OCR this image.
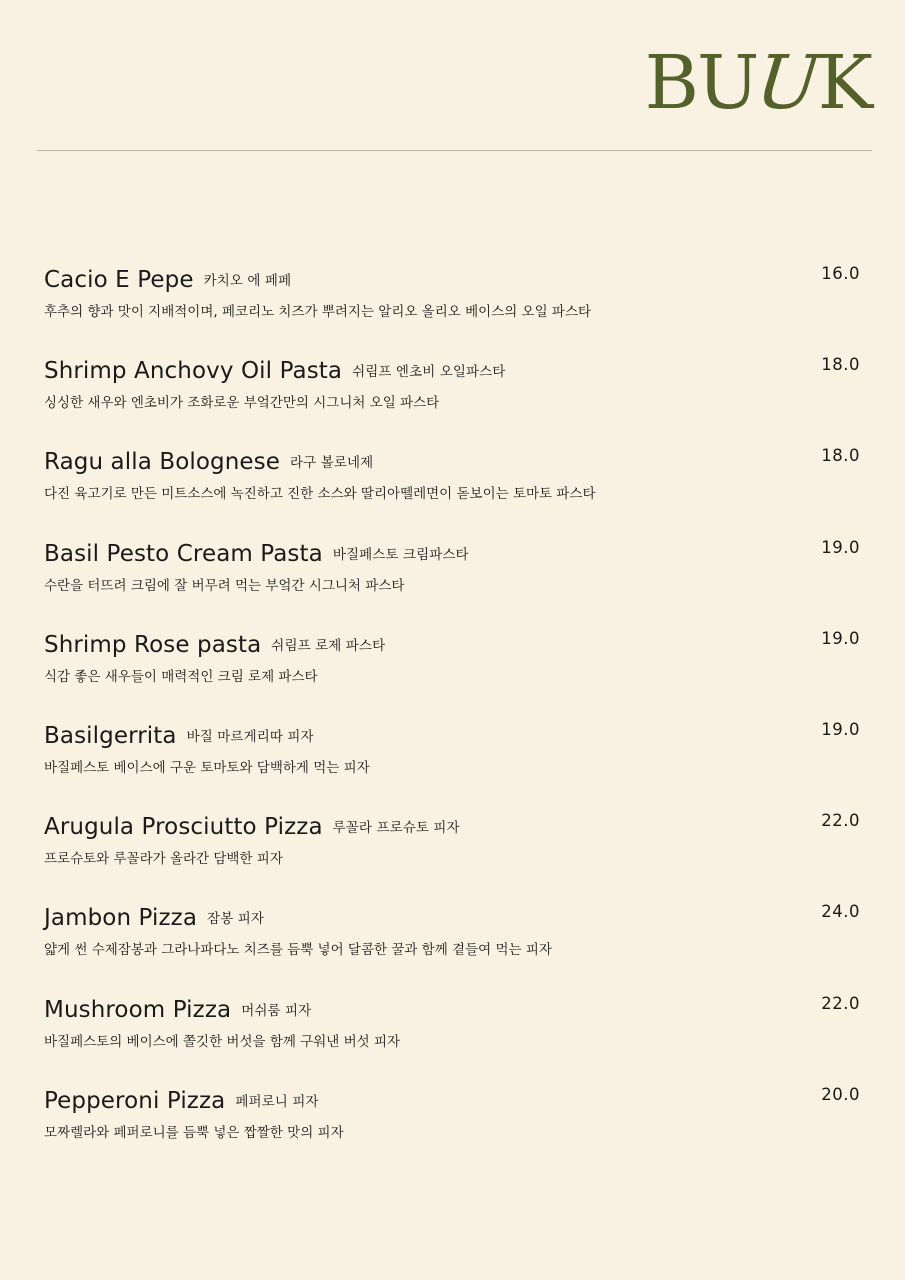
BUUK
Cacio E Pepe 카치오 에 페페

후추의 향과 맛이 지배적이며, 페코리노 치즈가 뿌려지는 알리오 올리오 베이스의 오일 파스타

16.0
Shrimp Anchovy Oil Pasta 쉬림프 엔초비 오일파스타

싱싱한 새우와 엔초비가 조화로운 부엌간만의 시그니처 오일 파스타

18.0
Ragu alla Bolognese 라구 볼로네제

다진 육고기로 만든 미트소스에 녹진하고 진한 소스와 딸리아뗄레면이 돋보이는 토마토 파스타

18.0
Basil Pesto Cream Pasta 바질페스토 크림파스타

수란을 터뜨려 크림에 잘 버무려 먹는 부엌간 시그니처 파스타

19.0
Shrimp Rose pasta 쉬림프 로제 파스타

식감 좋은 새우들이 매력적인 크림 로제 파스타

19.0
Basilgerrita 바질 마르게리따 피자

바질페스토 베이스에 구운 토마토와 담백하게 먹는 피자

19.0
Arugula Prosciutto Pizza 루꼴라 프로슈토 피자

프로슈토와 루꼴라가 올라간 담백한 피자

22.0
Jambon Pizza 잠봉 피자

얇게 썬 수제잠봉과 그라나파다노 치즈를 듬뿍 넣어 달콤한 꿀과 함께 곁들여 먹는 피자

24.0
Mushroom Pizza 머쉬룸 피자

바질페스토의 베이스에 쫄깃한 버섯을 함께 구워낸 버섯 피자

22.0
Pepperoni Pizza 페퍼로니 피자

모짜렐라와 페퍼로니를 듬뿍 넣은 짭짤한 맛의 피자

20.0
